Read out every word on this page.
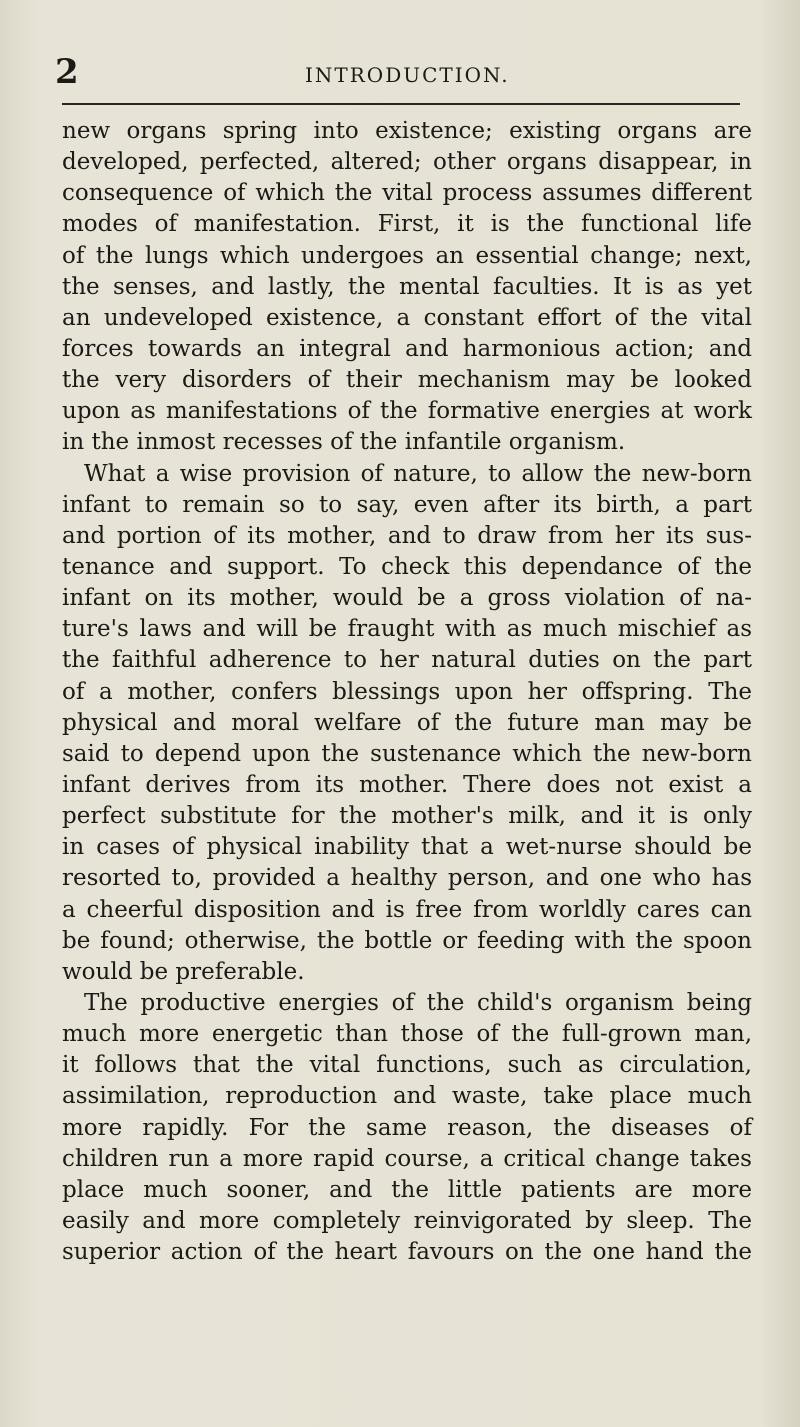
2	INTRODUCTION.
new organs spring into existence; existing organs are
developed, perfected, altered; other organs disappear, in
consequence of which the vital process assumes different
modes of manifestation. First, it is the functional life
of the lungs which undergoes an essential change; next,
the senses, and lastly, the mental faculties. It is as yet
an undeveloped existence, a constant effort of the vital
forces towards an integral and harmonious action; and
the very disorders of their mechanism may be looked
upon as manifestations of the formative energies at work
in the inmost recesses of the infantile organism.
What a wise provision of nature, to allow the new-born
infant to remain so to say, even after its birth, a part
and portion of its mother, and to draw from her its sus-
tenance and support. To check this dependance of the
infant on its mother, would be a gross violation of na-
ture's laws and will be fraught with as much mischief as
the faithful adherence to her natural duties on the part
of a mother, confers blessings upon her offspring. The
physical and moral welfare of the future man may be
said to depend upon the sustenance which the new-born
infant derives from its mother. There does not exist a
perfect substitute for the mother's milk, and it is only
in cases of physical inability that a wet-nurse should be
resorted to, provided a healthy person, and one who has
a cheerful disposition and is free from worldly cares can
be found; otherwise, the bottle or feeding with the spoon
would be preferable.
The productive energies of the child's organism being
much more energetic than those of the full-grown man,
it follows that the vital functions, such as circulation,
assimilation, reproduction and waste, take place much
more rapidly. For the same reason, the diseases of
children run a more rapid course, a critical change takes
place much sooner, and the little patients are more
easily and more completely reinvigorated by sleep. The
superior action of the heart favours on the one hand the
